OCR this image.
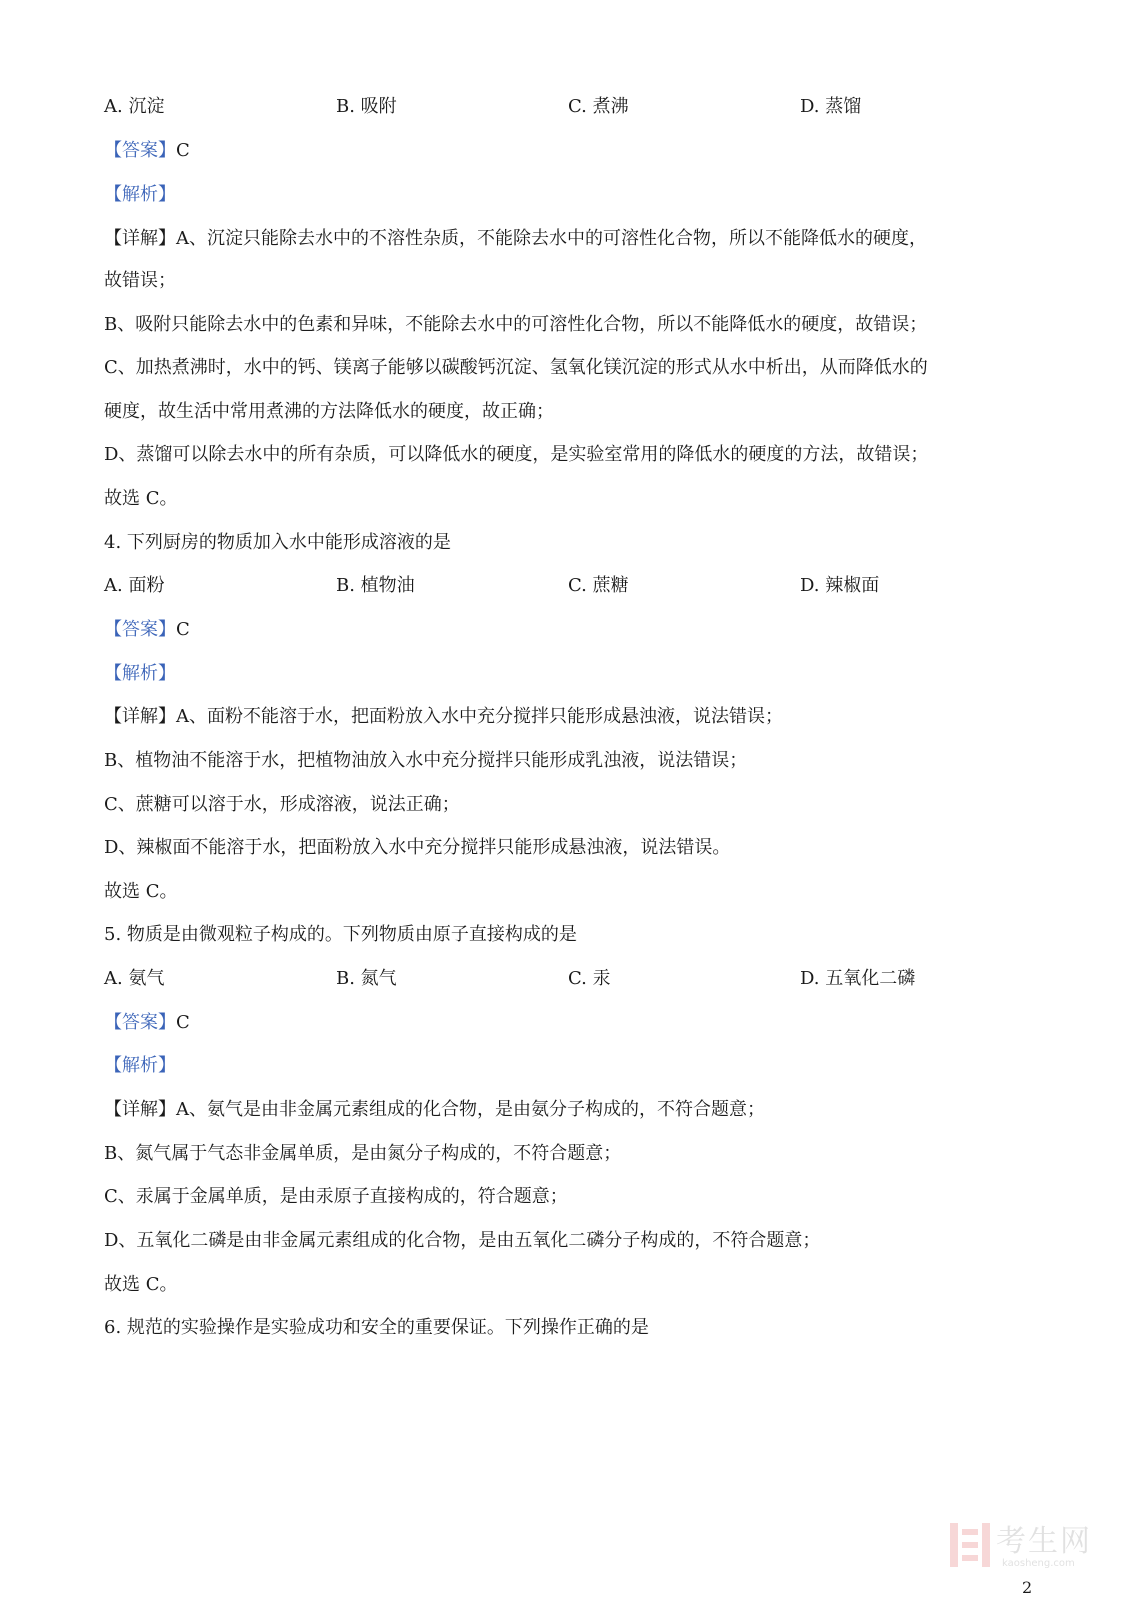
A. 沉淀	B. 吸附	C. 煮沸	D. 蒸馏
【答案】C
【解析】
【详解】A、沉淀只能除去水中的不溶性杂质，不能除去水中的可溶性化合物，所以不能降低水的硬度，
故错误；
B、吸附只能除去水中的色素和异味，不能除去水中的可溶性化合物，所以不能降低水的硬度，故错误；
C、加热煮沸时，水中的钙、镁离子能够以碳酸钙沉淀、氢氧化镁沉淀的形式从水中析出，从而降低水的
硬度，故生活中常用煮沸的方法降低水的硬度，故正确；
D、蒸馏可以除去水中的所有杂质，可以降低水的硬度，是实验室常用的降低水的硬度的方法，故错误；
故选 C。
4. 下列厨房的物质加入水中能形成溶液的是
A. 面粉	B. 植物油	C. 蔗糖	D. 辣椒面
【答案】C
【解析】
【详解】A、面粉不能溶于水，把面粉放入水中充分搅拌只能形成悬浊液，说法错误；
B、植物油不能溶于水，把植物油放入水中充分搅拌只能形成乳浊液，说法错误；
C、蔗糖可以溶于水，形成溶液，说法正确；
D、辣椒面不能溶于水，把面粉放入水中充分搅拌只能形成悬浊液，说法错误。
故选 C。
5. 物质是由微观粒子构成的。下列物质由原子直接构成的是
A. 氨气	B. 氮气	C. 汞	D. 五氧化二磷
【答案】C
【解析】
【详解】A、氨气是由非金属元素组成的化合物，是由氨分子构成的，不符合题意；
B、氮气属于气态非金属单质，是由氮分子构成的，不符合题意；
C、汞属于金属单质，是由汞原子直接构成的，符合题意；
D、五氧化二磷是由非金属元素组成的化合物，是由五氧化二磷分子构成的，不符合题意；
故选 C。
6. 规范的实验操作是实验成功和安全的重要保证。下列操作正确的是
考生网
kaosheng.com
2
